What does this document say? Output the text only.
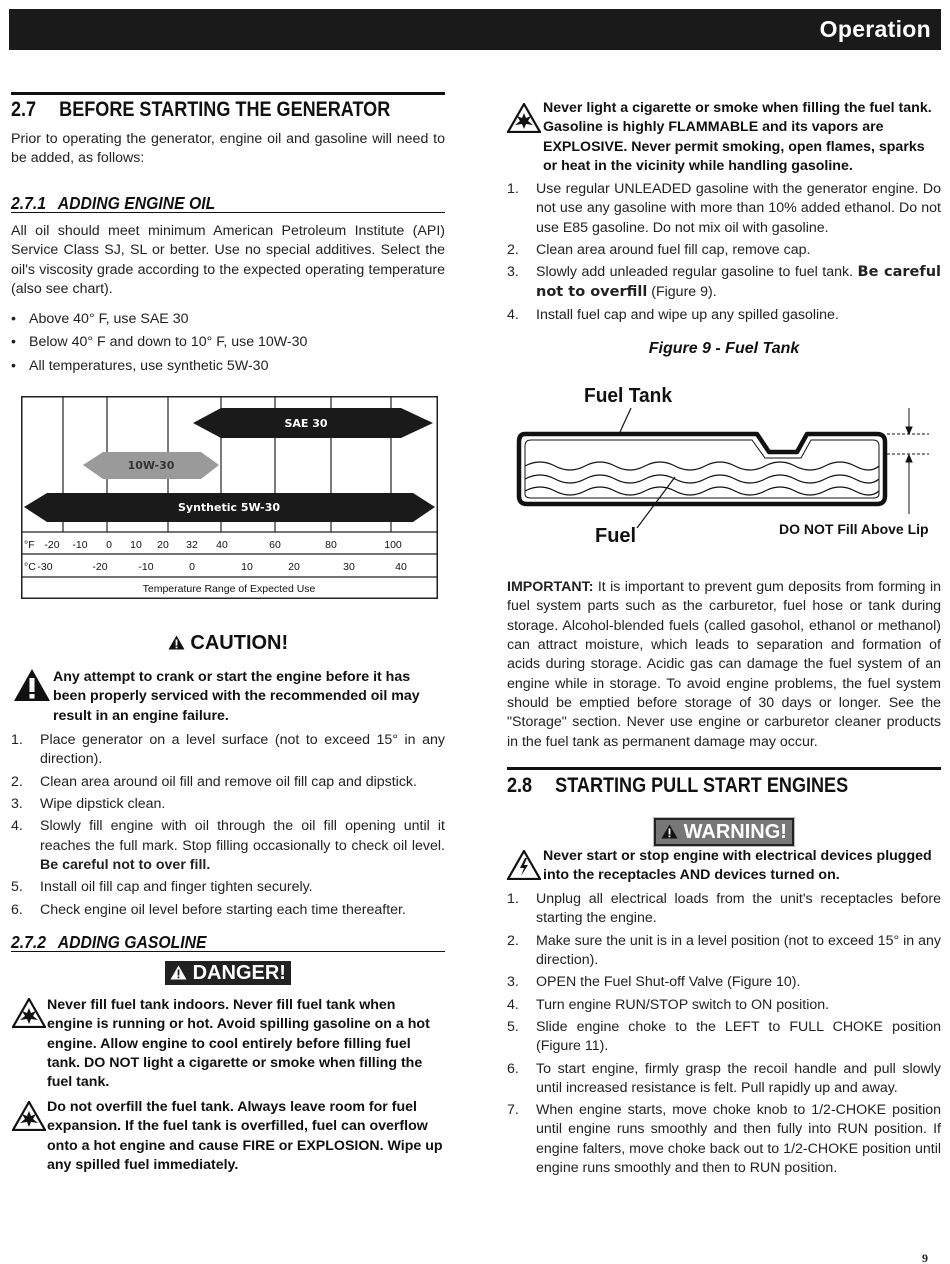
Operation
2.7 BEFORE STARTING THE GENERATOR

Prior to operating the generator, engine oil and gasoline will need to be added, as follows:

2.7.1 ADDING ENGINE OIL

All oil should meet minimum American Petroleum Institute (API) Service Class SJ, SL or better. Use no special additives. Select the oil's viscosity grade according to the expected operating temperature (also see chart).

• Above 40° F, use SAE 30
• Below 40° F and down to 10° F, use 10W-30
• All temperatures, use synthetic 5W-30
SAE 30
10W-30
Synthetic 5W-30
°F -20 -10 0 10 20 32 40	60	80	100
°C -30	-20	-10	0	10	20	30	40
Temperature Range of Expected Use
CAUTION!

Any attempt to crank or start the engine before it has been properly serviced with the recommended oil may result in an engine failure.

1. Place generator on a level surface (not to exceed 15° in any direction).
2. Clean area around oil fill and remove oil fill cap and dipstick.
3. Wipe dipstick clean.
4. Slowly fill engine with oil through the oil fill opening until it reaches the full mark. Stop filling occasionally to check oil level. Be careful not to over fill.
5. Install oil fill cap and finger tighten securely.
6. Check engine oil level before starting each time thereafter.
2.7.2 ADDING GASOLINE
DANGER!

Never fill fuel tank indoors. Never fill fuel tank when engine is running or hot. Avoid spilling gasoline on a hot engine. Allow engine to cool entirely before filling fuel tank. DO NOT light a cigarette or smoke when filling the fuel tank.

Do not overfill the fuel tank. Always leave room for fuel expansion. If the fuel tank is overfilled, fuel can overflow onto a hot engine and cause FIRE or EXPLOSION. Wipe up any spilled fuel immediately.

Never light a cigarette or smoke when filling the fuel tank. Gasoline is highly FLAMMABLE and its vapors are EXPLOSIVE. Never permit smoking, open flames, sparks or heat in the vicinity while handling gasoline.

1. Use regular UNLEADED gasoline with the generator engine. Do not use any gasoline with more than 10% added ethanol. Do not use E85 gasoline. Do not mix oil with gasoline.
2. Clean area around fuel fill cap, remove cap.
3. Slowly add unleaded regular gasoline to fuel tank. Be careful not to overfill (Figure 9).
4. Install fuel cap and wipe up any spilled gasoline.
Figure 9 - Fuel Tank
Fuel Tank
Fuel	DO NOT Fill Above Lip

IMPORTANT: It is important to prevent gum deposits from forming in fuel system parts such as the carburetor, fuel hose or tank during storage. Alcohol-blended fuels (called gasohol, ethanol or methanol) can attract moisture, which leads to separation and formation of acids during storage. Acidic gas can damage the fuel system of an engine while in storage. To avoid engine problems, the fuel system should be emptied before storage of 30 days or longer. See the "Storage" section. Never use engine or carburetor cleaner products in the fuel tank as permanent damage may occur.

2.8 STARTING PULL START ENGINES
WARNING!

Never start or stop engine with electrical devices plugged into the receptacles AND devices turned on.

1. Unplug all electrical loads from the unit's receptacles before starting the engine.
2. Make sure the unit is in a level position (not to exceed 15° in any direction).
3. OPEN the Fuel Shut-off Valve (Figure 10).
4. Turn engine RUN/STOP switch to ON position.
5. Slide engine choke to the LEFT to FULL CHOKE position (Figure 11).
6. To start engine, firmly grasp the recoil handle and pull slowly until increased resistance is felt. Pull rapidly up and away.
7. When engine starts, move choke knob to 1/2-CHOKE position until engine runs smoothly and then fully into RUN position. If engine falters, move choke back out to 1/2-CHOKE position until engine runs smoothly and then to RUN position.
9
